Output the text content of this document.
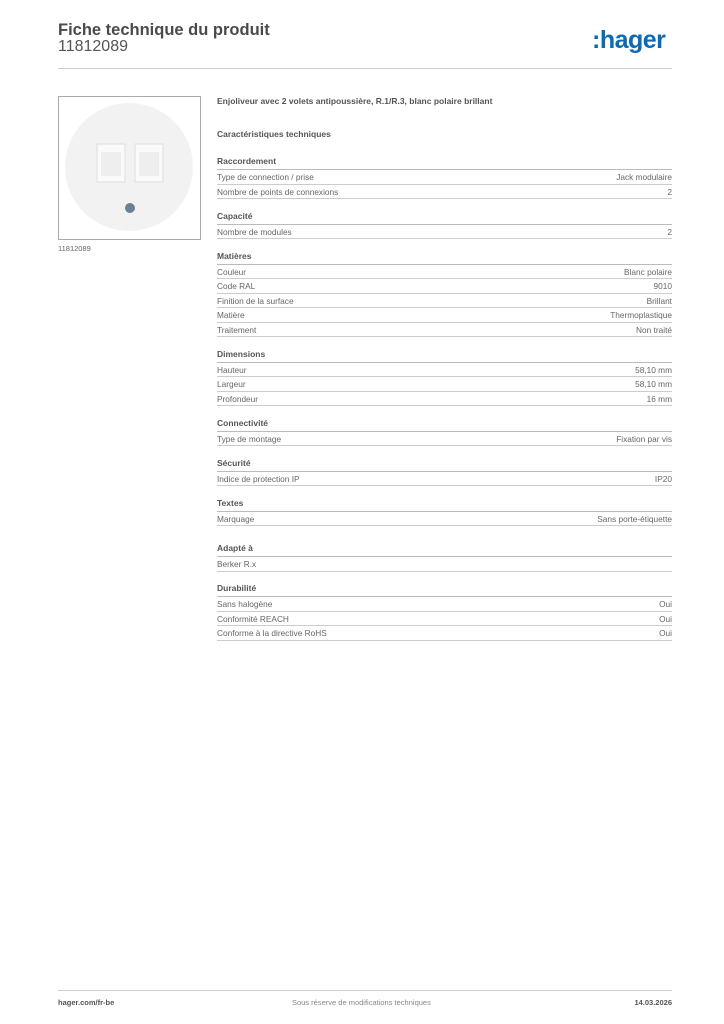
Fiche technique du produit
11812089	:hager
11812089
Enjoliveur avec 2 volets antipoussière, R.1/R.3, blanc polaire brillant
Caractéristiques techniques
Raccordement
Type de connection / prise	Jack modulaire
Nombre de points de connexions	2
Capacité
Nombre de modules	2
Matières
Couleur	Blanc polaire
Code RAL	9010
Finition de la surface	Brillant
Matière	Thermoplastique
Traitement	Non traité
Dimensions
Hauteur	58,10 mm
Largeur	58,10 mm
Profondeur	16 mm
Connectivité
Type de montage	Fixation par vis
Sécurité
Indice de protection IP	IP20
Textes
Marquage	Sans porte-étiquette
Adapté à
Berker R.x
Durabilité
Sans halogène	Oui
Conformité REACH	Oui
Conforme à la directive RoHS	Oui
hager.com/fr-be	Sous réserve de modifications techniques	14.03.2026
